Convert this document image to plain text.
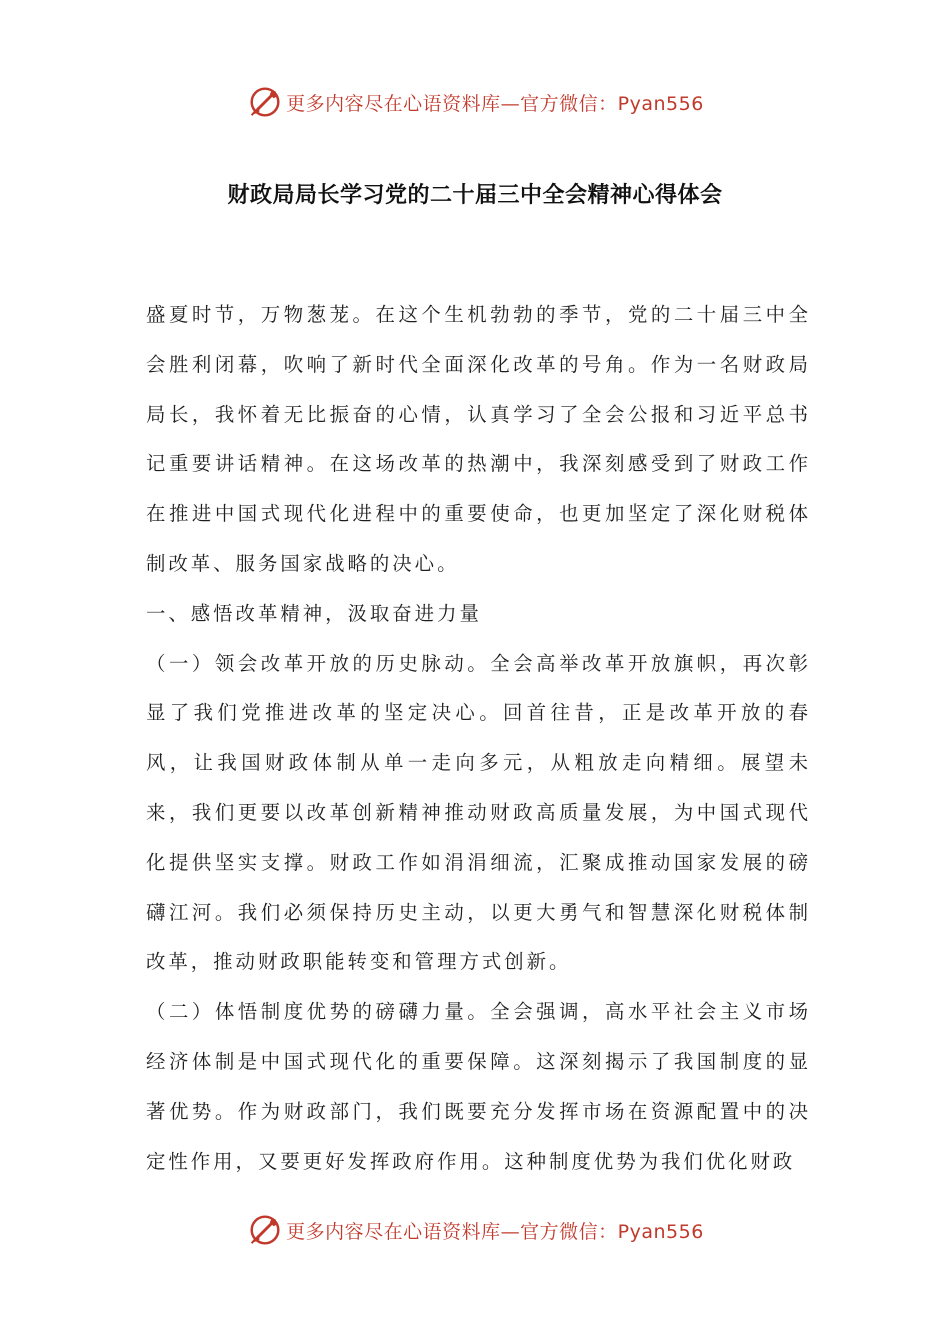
更多内容尽在心语资料库— 官方微信：Pyan556
财政局局长学习党的二十届三中全会精神心得体会

盛夏时节，万物葱茏。在这个生机勃勃的季节，党的二十届三中全会胜利闭幕，吹响了新时代全面深化改革的号角。作为一名财政局局长，我怀着无比振奋的心情，认真学习了全会公报和习近平总书记重要讲话精神。在这场改革的热潮中，我深刻感受到了财政工作在推进中国式现代化进程中的重要使命，也更加坚定了深化财税体制改革、服务国家战略的决心。

一、感悟改革精神，汲取奋进力量

（一）领会改革开放的历史脉动。全会高举改革开放旗帜，再次彰显了我们党推进改革的坚定决心。回首往昔，正是改革开放的春风，让我国财政体制从单一走向多元，从粗放走向精细。展望未来，我们更要以改革创新精神推动财政高质量发展，为中国式现代化提供坚实支撑。财政工作如涓涓细流，汇聚成推动国家发展的磅礴江河。我们必须保持历史主动，以更大勇气和智慧深化财税体制改革，推动财政职能转变和管理方式创新。

（二）体悟制度优势的磅礴力量。全会强调，高水平社会主义市场经济体制是中国式现代化的重要保障。这深刻揭示了我国制度的显著优势。作为财政部门，我们既要充分发挥市场在资源配置中的决定性作用，又要更好发挥政府作用。这种制度优势为我们优化财政

更多内容尽在心语资料库— 官方微信：Pyan556
